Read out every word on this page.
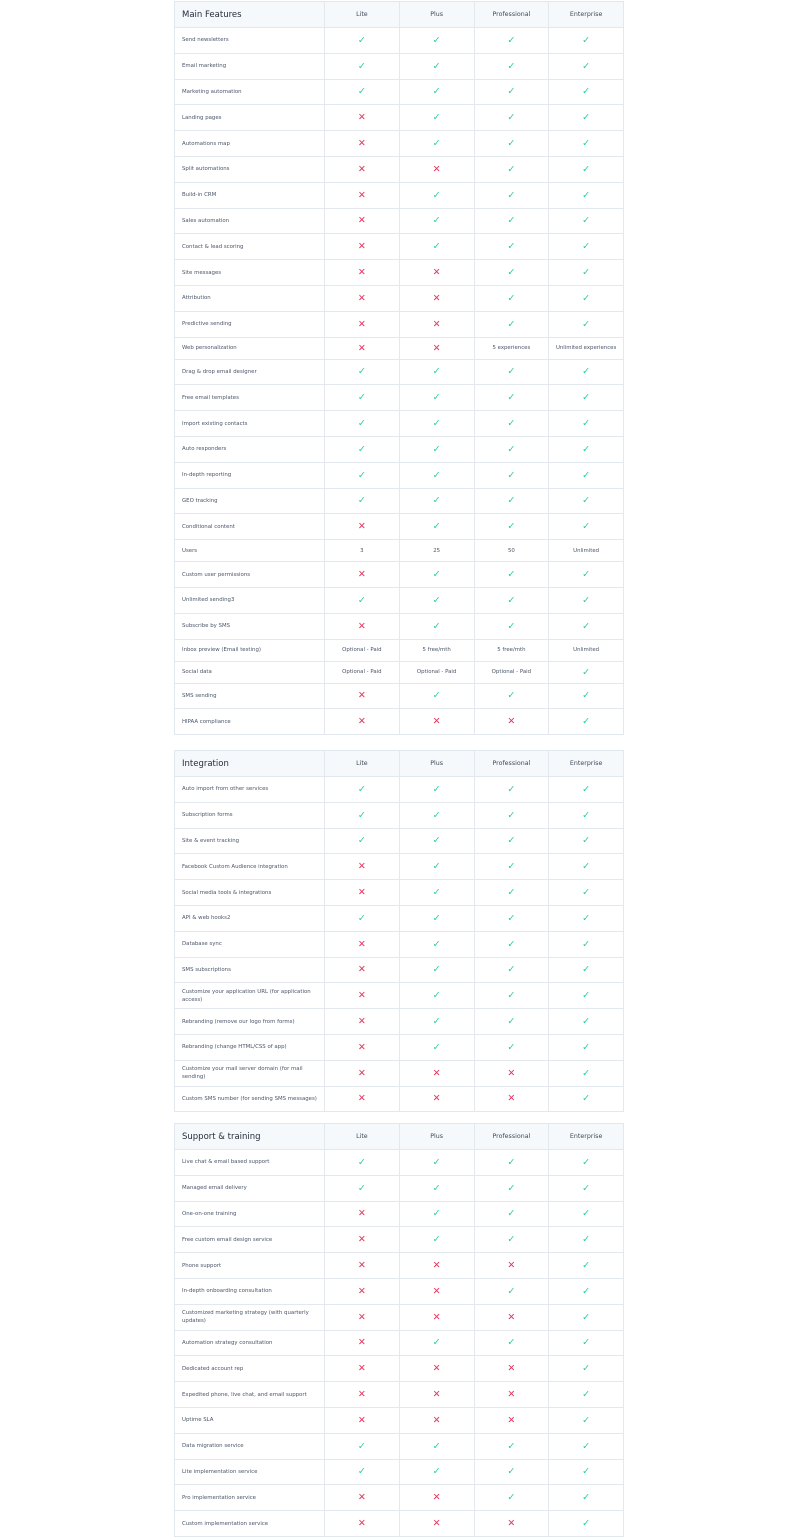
Main Features	Lite	Plus	Professional	Enterprise
Send newsletters	✓	✓	✓	✓
Email marketing	✓	✓	✓	✓
Marketing automation	✓	✓	✓	✓
Landing pages	✕	✓	✓	✓
Automations map	✕	✓	✓	✓
Split automations	✕	✕	✓	✓
Build-in CRM	✕	✓	✓	✓
Sales automation	✕	✓	✓	✓
Contact & lead scoring	✕	✓	✓	✓
Site messages	✕	✕	✓	✓
Attribution	✕	✕	✓	✓
Predictive sending	✕	✕	✓	✓
Web personalization	✕	✕	5 experiences	Unlimited experiences
Drag & drop email designer	✓	✓	✓	✓
Free email templates	✓	✓	✓	✓
Import existing contacts	✓	✓	✓	✓
Auto responders	✓	✓	✓	✓
In-depth reporting	✓	✓	✓	✓
GEO tracking	✓	✓	✓	✓
Conditional content	✕	✓	✓	✓
Users	3	25	50	Unlimited
Custom user permissions	✕	✓	✓	✓
Unlimited sending3	✓	✓	✓	✓
Subscribe by SMS	✕	✓	✓	✓
Inbox preview (Email testing)	Optional - Paid	5 free/mth	5 free/mth	Unlimited
Social data	Optional - Paid	Optional - Paid	Optional - Paid	✓
SMS sending	✕	✓	✓	✓
HIPAA compliance	✕	✕	✕	✓
Integration	Lite	Plus	Professional	Enterprise
Auto import from other services	✓	✓	✓	✓
Subscription forms	✓	✓	✓	✓
Site & event tracking	✓	✓	✓	✓
Facebook Custom Audience integration	✕	✓	✓	✓
Social media tools & integrations	✕	✓	✓	✓
API & web hooks2	✓	✓	✓	✓
Database sync	✕	✓	✓	✓
SMS subscriptions	✕	✓	✓	✓
Customize your application URL (for application access)	✕	✓	✓	✓
Rebranding (remove our logo from forms)	✕	✓	✓	✓
Rebranding (change HTML/CSS of app)	✕	✓	✓	✓
Customize your mail server domain (for mail sending)	✕	✕	✕	✓
Custom SMS number (for sending SMS messages)	✕	✕	✕	✓
Support & training	Lite	Plus	Professional	Enterprise
Live chat & email based support	✓	✓	✓	✓
Managed email delivery	✓	✓	✓	✓
One-on-one training	✕	✓	✓	✓
Free custom email design service	✕	✓	✓	✓
Phone support	✕	✕	✕	✓
In-depth onboarding consultation	✕	✕	✓	✓
Customized marketing strategy (with quarterly updates)	✕	✕	✕	✓
Automation strategy consultation	✕	✓	✓	✓
Dedicated account rep	✕	✕	✕	✓
Expedited phone, live chat, and email support	✕	✕	✕	✓
Uptime SLA	✕	✕	✕	✓
Data migration service	✓	✓	✓	✓
Lite implementation service	✓	✓	✓	✓
Pro implementation service	✕	✕	✓	✓
Custom implementation service	✕	✕	✕	✓
